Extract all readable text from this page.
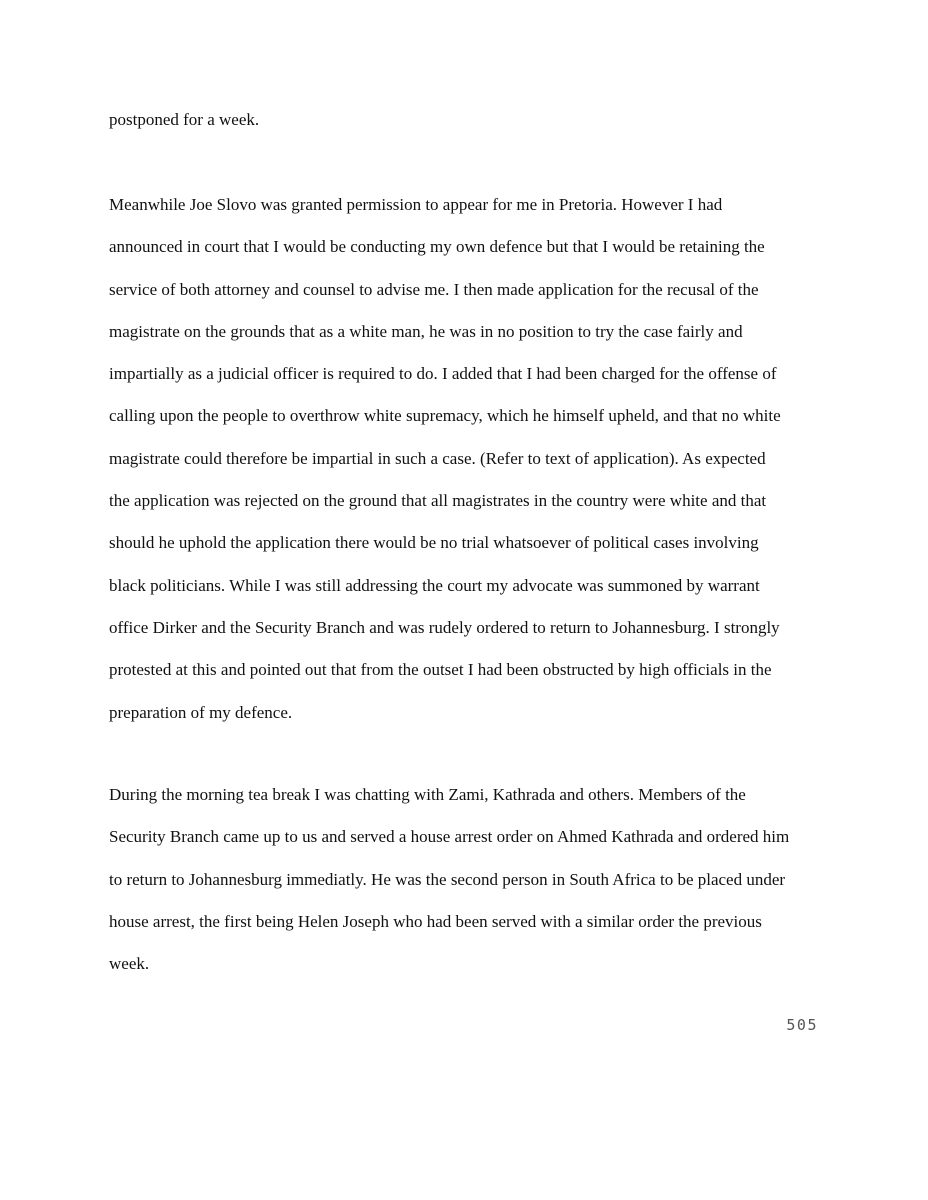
postponed for a week.

Meanwhile Joe Slovo was granted permission to appear for me in Pretoria. However I had
announced in court that I would be conducting my own defence but that I would be retaining the
service of both attorney and counsel to advise me. I then made application for the recusal of the
magistrate on the grounds that as a white man, he was in no position to try the case fairly and
impartially as a judicial officer is required to do. I added that I had been charged for the offense of
calling upon the people to overthrow white supremacy, which he himself upheld, and that no white
magistrate could therefore be impartial in such a case. (Refer to text of application). As expected
the application was rejected on the ground that all magistrates in the country were white and that
should he uphold the application there would be no trial whatsoever of political cases involving
black politicians. While I was still addressing the court my advocate was summoned by warrant
office Dirker and the Security Branch and was rudely ordered to return to Johannesburg. I strongly
protested at this and pointed out that from the outset I had been obstructed by high officials in the
preparation of my defence.

During the morning tea break I was chatting with Zami, Kathrada and others. Members of the
Security Branch came up to us and served a house arrest order on Ahmed Kathrada and ordered him
to return to Johannesburg immediatly. He was the second person in South Africa to be placed under
house arrest, the first being Helen Joseph who had been served with a similar order the previous
week.

505
